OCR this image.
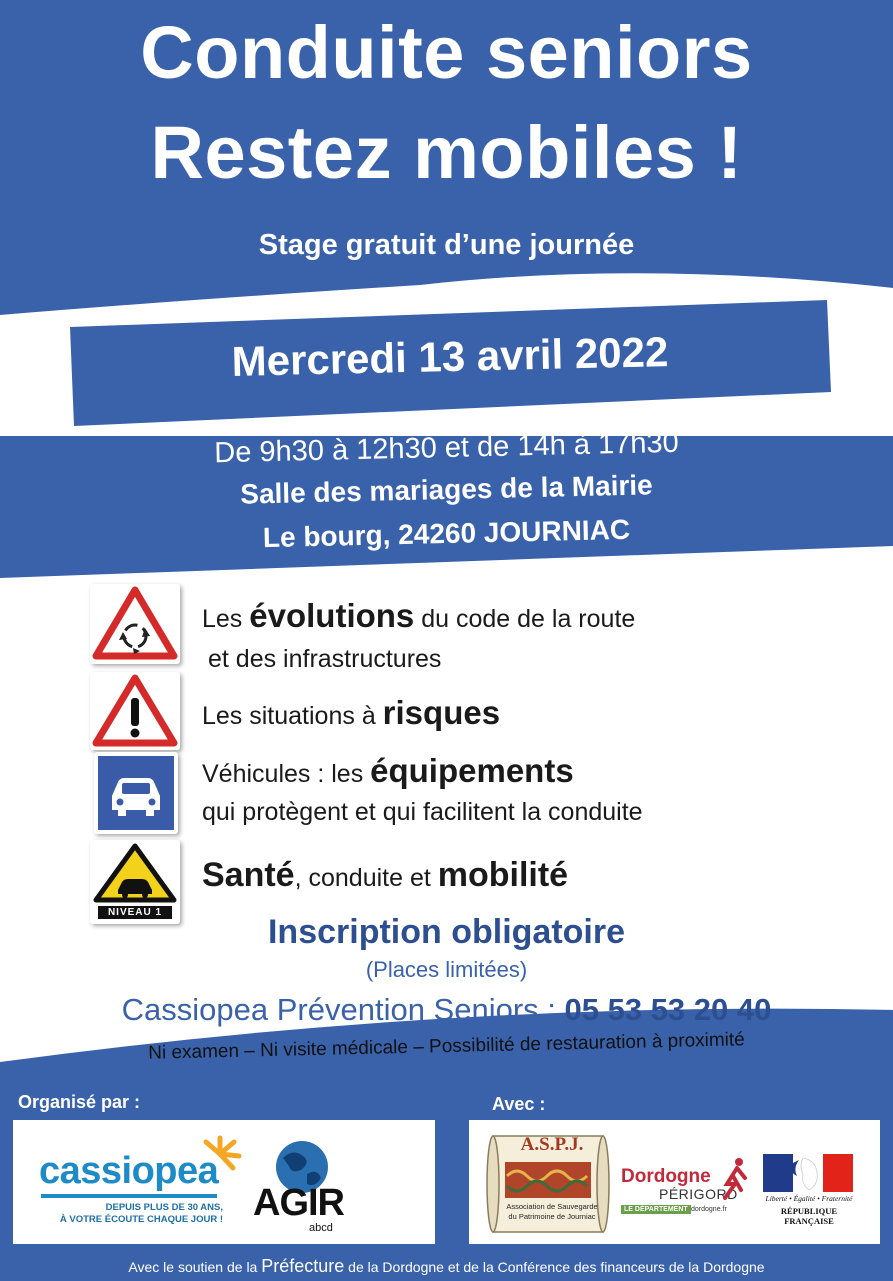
Conduite seniors
Restez mobiles !
Stage gratuit d’une journée
Mercredi 13 avril 2022
De 9h30 à 12h30 et de 14h à 17h30
Salle des mariages de la Mairie
Le bourg, 24260 JOURNIAC
NIVEAU 1
Les évolutions du code de la route
et des infrastructures
Les situations à risques
Véhicules : les équipements
qui protègent et qui facilitent la conduite
Santé, conduite et mobilité
Inscription obligatoire
(Places limitées)
Cassiopea Prévention Seniors : 05 53 53 20 40
Ni examen – Ni visite médicale – Possibilité de restauration à proximité
Organisé par :	Avec :
cassiopea
DEPUIS PLUS DE 30 ANS,
À VOTRE ÉCOUTE CHAQUE JOUR ! AGIR
abcd
A.S.P.J.
Association de Sauvegarde
du Patrimoine de Journiac
Dordogne
PÉRIGORD
LE DÉPARTEMENT dordogne.fr
Liberté • Égalité • Fraternité
RÉPUBLIQUE FRANÇAISE
Avec le soutien de la Préfecture de la Dordogne et de la Conférence des financeurs de la Dordogne
